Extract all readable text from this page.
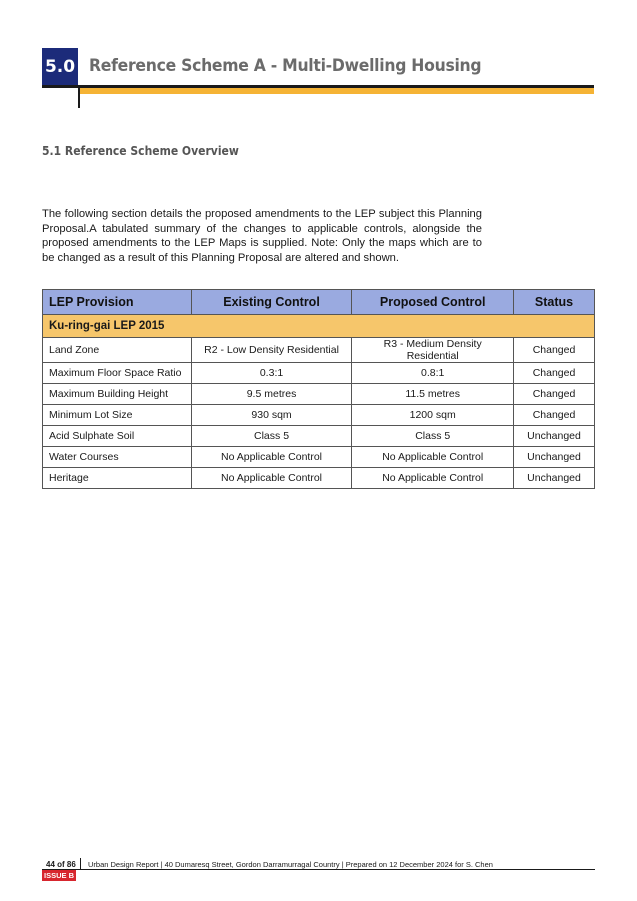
5.0 Reference Scheme A - Multi-Dwelling Housing
5.1 Reference Scheme Overview

The following section details the proposed amendments to the LEP subject this Planning Proposal.A tabulated summary of the changes to applicable controls, alongside the proposed amendments to the LEP Maps is supplied. Note: Only the maps which are to be changed as a result of this Planning Proposal are altered and shown.

LEP Provision	Existing Control	Proposed Control	Status
Ku-ring-gai LEP 2015			
Land Zone	R2 - Low Density Residential	R3 - Medium Density Residential	Changed
Maximum Floor Space Ratio	0.3:1	0.8:1	Changed
Maximum Building Height	9.5 metres	11.5 metres	Changed
Minimum Lot Size	930 sqm	1200 sqm	Changed
Acid Sulphate Soil	Class 5	Class 5	Unchanged
Water Courses	No Applicable Control	No Applicable Control	Unchanged
Heritage	No Applicable Control	No Applicable Control	Unchanged
44 of 86 Urban Design Report | 40 Dumaresq Street, Gordon Darramurragal Country | Prepared on 12 December 2024 for S. Chen
ISSUE B
